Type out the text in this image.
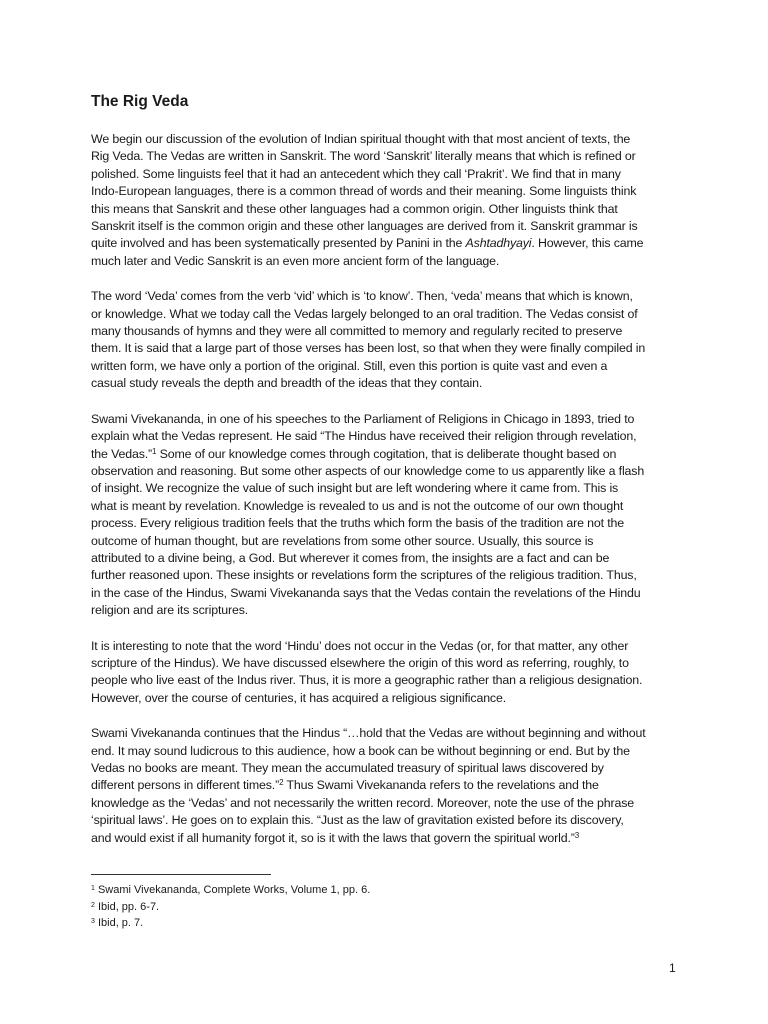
The Rig Veda

We begin our discussion of the evolution of Indian spiritual thought with that most ancient of texts, the
Rig Veda. The Vedas are written in Sanskrit. The word ‘Sanskrit’ literally means that which is refined or
polished. Some linguists feel that it had an antecedent which they call ‘Prakrit’. We find that in many
Indo-European languages, there is a common thread of words and their meaning. Some linguists think
this means that Sanskrit and these other languages had a common origin. Other linguists think that
Sanskrit itself is the common origin and these other languages are derived from it. Sanskrit grammar is
quite involved and has been systematically presented by Panini in the Ashtadhyayi. However, this came
much later and Vedic Sanskrit is an even more ancient form of the language.

The word ‘Veda’ comes from the verb ‘vid’ which is ‘to know’. Then, ‘veda’ means that which is known,
or knowledge. What we today call the Vedas largely belonged to an oral tradition. The Vedas consist of
many thousands of hymns and they were all committed to memory and regularly recited to preserve
them. It is said that a large part of those verses has been lost, so that when they were finally compiled in
written form, we have only a portion of the original. Still, even this portion is quite vast and even a
casual study reveals the depth and breadth of the ideas that they contain.

Swami Vivekananda, in one of his speeches to the Parliament of Religions in Chicago in 1893, tried to
explain what the Vedas represent. He said “The Hindus have received their religion through revelation,
the Vedas.”$^1$ Some of our knowledge comes through cogitation, that is deliberate thought based on
observation and reasoning. But some other aspects of our knowledge come to us apparently like a flash
of insight. We recognize the value of such insight but are left wondering where it came from. This is
what is meant by revelation. Knowledge is revealed to us and is not the outcome of our own thought
process. Every religious tradition feels that the truths which form the basis of the tradition are not the
outcome of human thought, but are revelations from some other source. Usually, this source is
attributed to a divine being, a God. But wherever it comes from, the insights are a fact and can be
further reasoned upon. These insights or revelations form the scriptures of the religious tradition. Thus,
in the case of the Hindus, Swami Vivekananda says that the Vedas contain the revelations of the Hindu
religion and are its scriptures.

It is interesting to note that the word ‘Hindu’ does not occur in the Vedas (or, for that matter, any other
scripture of the Hindus). We have discussed elsewhere the origin of this word as referring, roughly, to
people who live east of the Indus river. Thus, it is more a geographic rather than a religious designation.
However, over the course of centuries, it has acquired a religious significance.

Swami Vivekananda continues that the Hindus “…hold that the Vedas are without beginning and without
end. It may sound ludicrous to this audience, how a book can be without beginning or end. But by the
Vedas no books are meant. They mean the accumulated treasury of spiritual laws discovered by
different persons in different times.”$^2$ Thus Swami Vivekananda refers to the revelations and the
knowledge as the ‘Vedas’ and not necessarily the written record. Moreover, note the use of the phrase
‘spiritual laws’. He goes on to explain this. “Just as the law of gravitation existed before its discovery,
and would exist if all humanity forgot it, so is it with the laws that govern the spiritual world.”$^3$

$^1$ Swami Vivekananda, Complete Works, Volume 1, pp. 6.
$^2$ Ibid, pp. 6-7.
$^3$ Ibid, p. 7.
1
